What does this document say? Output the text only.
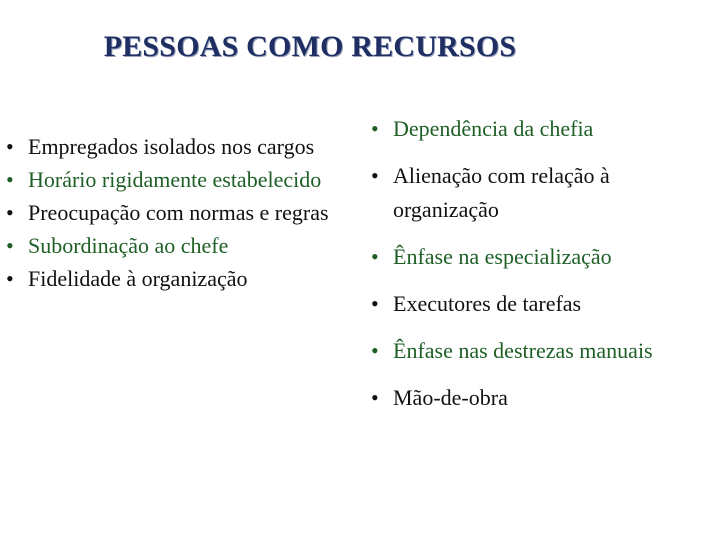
PESSOAS COMO RECURSOS
• Empregados isolados nos cargos
• Horário rigidamente estabelecido
• Preocupação com normas e regras
• Subordinação ao chefe
• Fidelidade à organização
• Dependência da chefia
• Alienação com relação à organização
• Ênfase na especialização
• Executores de tarefas
• Ênfase nas destrezas manuais
• Mão-de-obra
